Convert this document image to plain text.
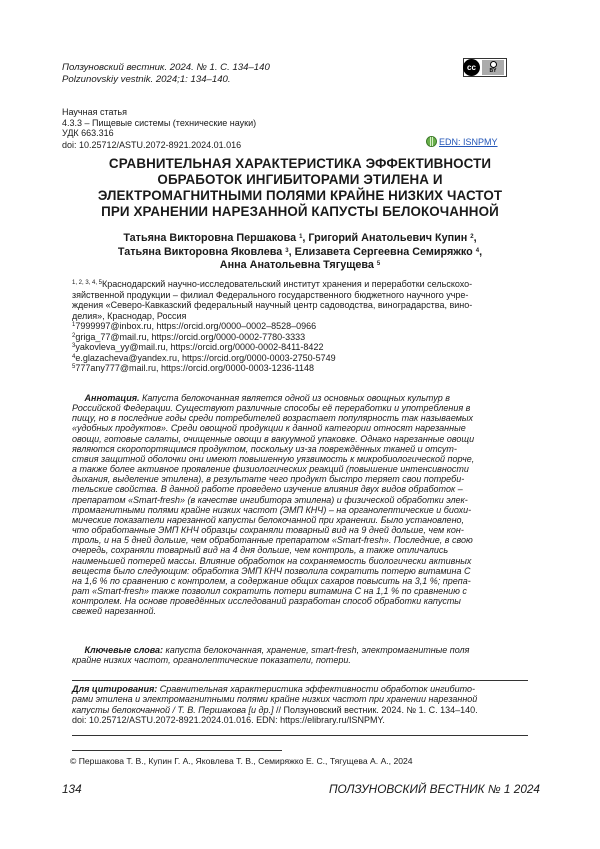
Ползуновский вестник. 2024. № 1. С. 134–140
Polzunovskiy vestnik. 2024;1: 134–140.
cc	BY
Научная статья
4.3.3 – Пищевые системы (технические науки)
УДК 663.316
doi: 10.25712/ASTU.2072-8921.2024.01.016	EDN: ISNPMY
СРАВНИТЕЛЬНАЯ ХАРАКТЕРИСТИКА ЭФФЕКТИВНОСТИ
ОБРАБОТОК ИНГИБИТОРАМИ ЭТИЛЕНА И
ЭЛЕКТРОМАГНИТНЫМИ ПОЛЯМИ КРАЙНЕ НИЗКИХ ЧАСТОТ
ПРИ ХРАНЕНИИ НАРЕЗАННОЙ КАПУСТЫ БЕЛОКОЧАННОЙ
Татьяна Викторовна Першакова $^1$, Григорий Анатольевич Купин $^2$,
Татьяна Викторовна Яковлева $^3$, Елизавета Сергеевна Семиряжко $^4$,
Анна Анатольевна Тягущева $^5$
$^{1, 2, 3, 4, 5}$Краснодарский научно-исследовательский институт хранения и переработки сельскохо-
зяйственной продукции – филиал Федерального государственного бюджетного научного учре-
ждения «Северо-Кавказский федеральный научный центр садоводства, виноградарства, вино-
делия», Краснодар, Россия
$^1$7999997@inbox.ru, https://orcid.org/0000–0002–8528–0966
$^2$griga_77@mail.ru, https://orcid.org/0000-0002-7780-3333
$^3$yakovleva_yy@mail.ru, https://orcid.org/0000-0002-8411-8422
$^4$e.glazacheva@yandex.ru, https://orcid.org/0000-0003-2750-5749
$^5$777any777@mail.ru, https://orcid.org/0000-0003-1236-1148
Аннотация. Капуста белокочанная является одной из основных овощных культур в
Российской Федерации. Существуют различные способы её переработки и употребления в
пищу, но в последние годы среди потребителей возрастает популярность так называемых
«удобных продуктов». Среди овощной продукции к данной категории относят нарезанные
овощи, готовые салаты, очищенные овощи в вакуумной упаковке. Однако нарезанные овощи
являются скоропортящимся продуктом, поскольку из-за повреждённых тканей и отсут-
ствия защитной оболочки они имеют повышенную уязвимость к микробиологической порче,
а также более активное проявление физиологических реакций (повышение интенсивности
дыхания, выделение этилена), в результате чего продукт быстро теряет свои потреби-
тельские свойства. В данной работе проведено изучение влияния двух видов обработок –
препаратом «Smart-fresh» (в качестве ингибитора этилена) и физической обработки элек-
тромагнитными полями крайне низких частот (ЭМП КНЧ) – на органолептические и биохи-
мические показатели нарезанной капусты белокочанной при хранении. Было установлено,
что обработанные ЭМП КНЧ образцы сохраняли товарный вид на 9 дней дольше, чем кон-
троль, и на 5 дней дольше, чем обработанные препаратом «Smart-fresh». Последние, в свою
очередь, сохраняли товарный вид на 4 дня дольше, чем контроль, а также отличались
наименьшей потерей массы. Влияние обработок на сохраняемость биологически активных
веществ было следующим: обработка ЭМП КНЧ позволила сократить потерю витамина С
на 1,6 % по сравнению с контролем, а содержание общих сахаров повысить на 3,1 %; препа-
рат «Smart-fresh» также позволил сократить потери витамина С на 1,1 % по сравнению с
контролем. На основе проведённых исследований разработан способ обработки капусты
свежей нарезанной.
Ключевые слова: капуста белокочанная, хранение, smart-fresh, электромагнитные поля
крайне низких частот, органолептические показатели, потери.
Для цитирования: Сравнительная характеристика эффективности обработок ингибито-
рами этилена и электромагнитными полями крайне низких частот при хранении нарезанной
капусты белокочанной / Т. В. Першакова [и др.] // Ползуновский вестник. 2024. № 1. С. 134–140.
doi: 10.25712/ASTU.2072-8921.2024.01.016. EDN: https://elibrary.ru/ISNPMY.
© Першакова Т. В., Купин Г. А., Яковлева Т. В., Семиряжко Е. С., Тягущева А. А., 2024
134	ПОЛЗУНОВСКИЙ ВЕСТНИК № 1 2024
